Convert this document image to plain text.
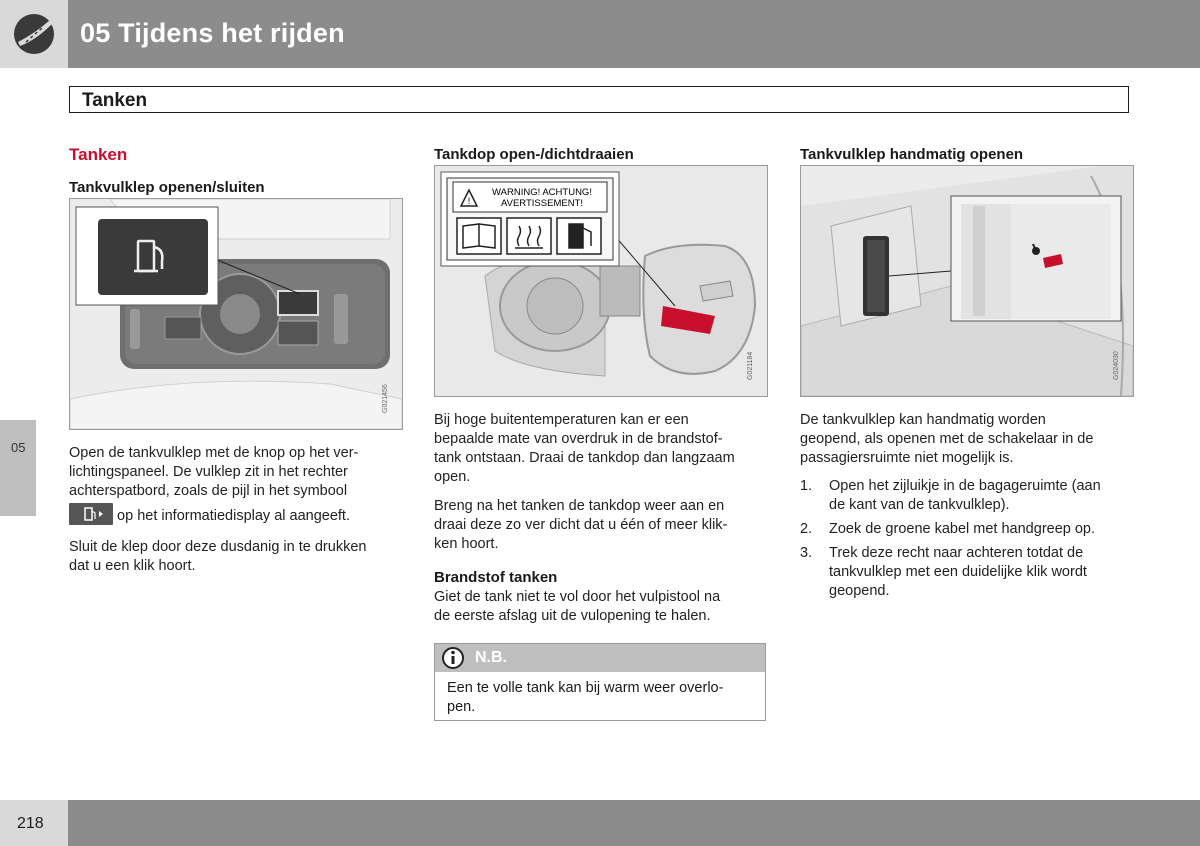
05 Tijdens het rijden
Tanken
05
Tanken
Tankvulklep openen/sluiten
G021456
Open de tankvulklep met de knop op het ver-
lichtingspaneel. De vulklep zit in het rechter
achterspatbord, zoals de pijl in het symbool
op het informatiedisplay al aangeeft.
Sluit de klep door deze dusdanig in te drukken
dat u een klik hoort.
Tankdop open-/dichtdraaien
!
WARNING! ACHTUNG!
AVERTISSEMENT!
G021184
Bij hoge buitentemperaturen kan er een
bepaalde mate van overdruk in de brandstof-
tank ontstaan. Draai de tankdop dan langzaam
open.
Breng na het tanken de tankdop weer aan en
draai deze zo ver dicht dat u één of meer klik-
ken hoort.
Brandstof tanken
Giet de tank niet te vol door het vulpistool na
de eerste afslag uit de vulopening te halen.
N.B.
Een te volle tank kan bij warm weer overlo-
pen.
Tankvulklep handmatig openen
G024030
De tankvulklep kan handmatig worden
geopend, als openen met de schakelaar in de
passagiersruimte niet mogelijk is.
1. Open het zijluikje in de bagageruimte (aan
de kant van de tankvulklep).
2. Zoek de groene kabel met handgreep op.
3. Trek deze recht naar achteren totdat de
tankvulklep met een duidelijke klik wordt
geopend.
218
